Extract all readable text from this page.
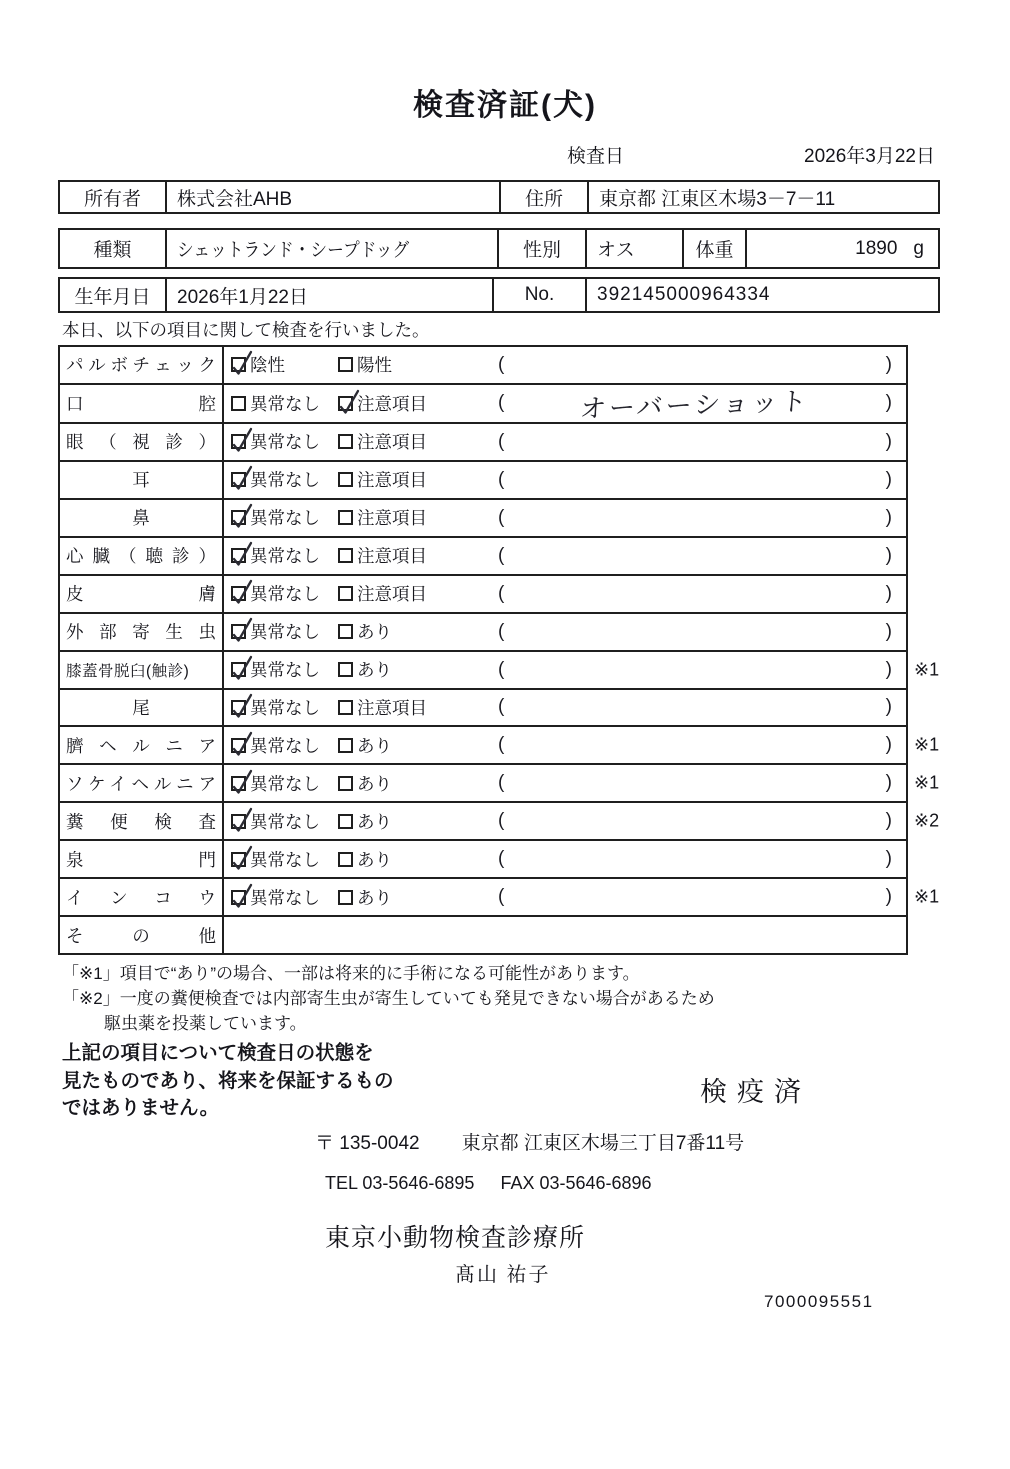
検査済証(犬)
検査日	2026年3月22日
所有者	株式会社AHB	住所	東京都 江東区木場3－7－11
種類	シェットランド・シープドッグ	性別	オス	体重	1890 g
生年月日	2026年1月22日	No.	392145000964334
本日、以下の項目に関して検査を行いました。
パルボチェック 陰性	陽性	(	)
口腔 異常なし 注意項目	(	オーバーショット	)
眼（視診） 異常なし 注意項目	(	)
耳	異常なし 注意項目	(	)
鼻	異常なし 注意項目	(	)
心臓（聴診） 異常なし 注意項目	(	)
皮膚 異常なし 注意項目	(	)
外部寄生虫 異常なし あり	(	)
膝蓋骨脱臼(触診)	異常なし あり	(	) ※1
尾	異常なし 注意項目	(	)
臍ヘルニア 異常なし あり	(	) ※1
ソケイヘルニア 異常なし あり	(	) ※1
糞便検査 異常なし あり	(	) ※2
泉門 異常なし あり	(	)
インコウ 異常なし あり	(	) ※1
その他
「※1」項目で“あり”の場合、一部は将来的に手術になる可能性があります。
「※2」一度の糞便検査では内部寄生虫が寄生していても発見できない場合があるため
駆虫薬を投薬しています。
上記の項目について検査日の状態を
見たものであり、将来を保証するもの
ではありません。
検疫済
〒 135-0042 東京都 江東区木場三丁目7番11号
TEL 03-5646-6895 FAX 03-5646-6896
東京小動物検査診療所
髙山 祐子
7000095551
